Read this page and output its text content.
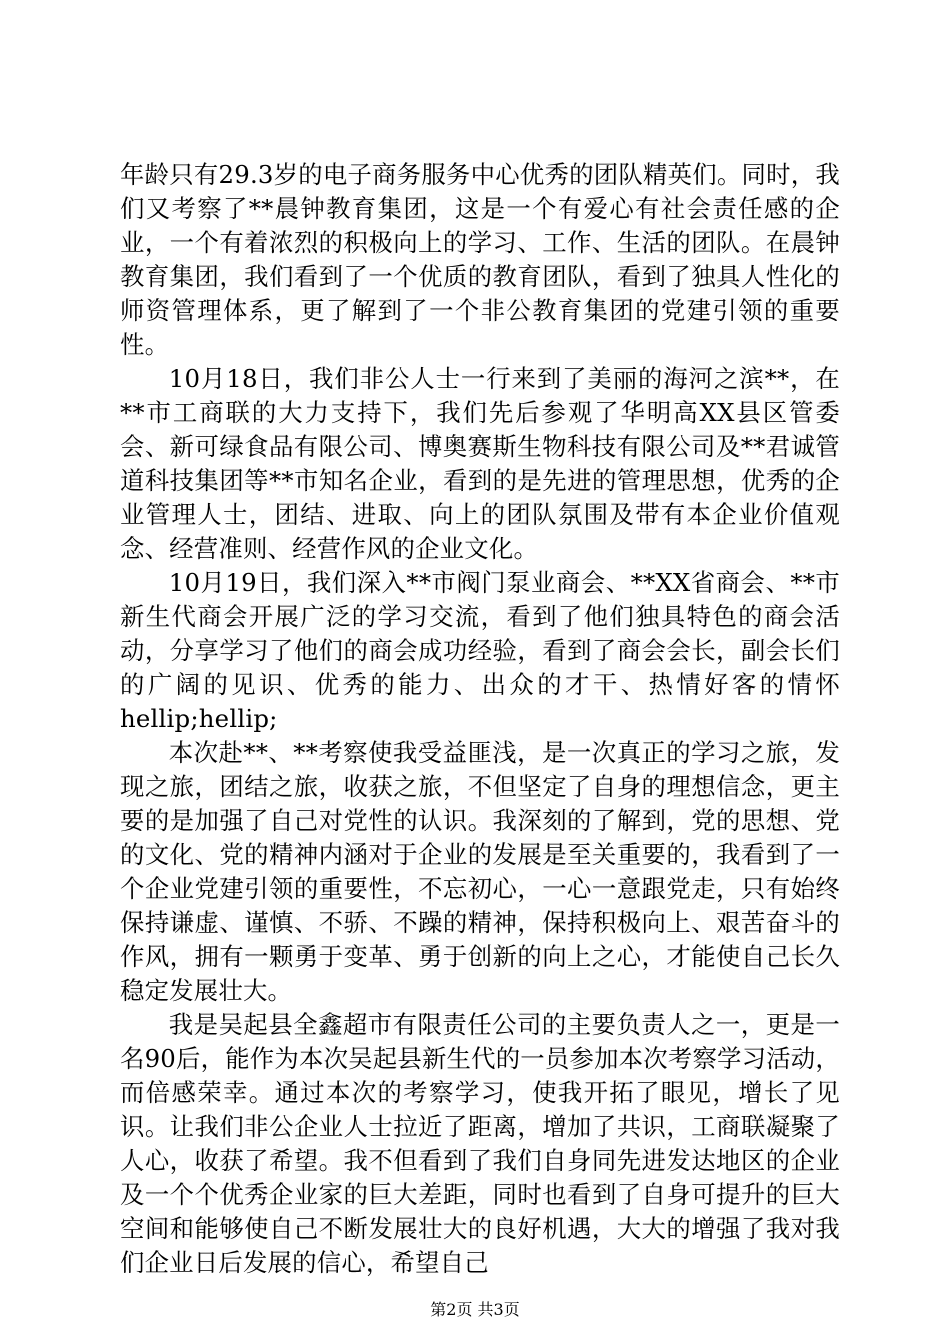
年龄只有29.3岁的电子商务服务中心优秀的团队精英们。同时，我们又考察了**晨钟教育集团，这是一个有爱心有社会责任感的企业，一个有着浓烈的积极向上的学习、工作、生活的团队。在晨钟教育集团，我们看到了一个优质的教育团队，看到了独具人性化的师资管理体系，更了解到了一个非公教育集团的党建引领的重要性。

10月18日，我们非公人士一行来到了美丽的海河之滨**，在**市工商联的大力支持下，我们先后参观了华明高XX县区管委会、新可绿食品有限公司、博奥赛斯生物科技有限公司及**君诚管道科技集团等**市知名企业，看到的是先进的管理思想，优秀的企业管理人士，团结、进取、向上的团队氛围及带有本企业价值观念、经营准则、经营作风的企业文化。

10月19日，我们深入**市阀门泵业商会、**XX省商会、**市新生代商会开展广泛的学习交流，看到了他们独具特色的商会活动，分享学习了他们的商会成功经验，看到了商会会长，副会长们的广阔的见识、优秀的能力、出众的才干、热情好客的情怀hellip;hellip;

本次赴**、**考察使我受益匪浅，是一次真正的学习之旅，发现之旅，团结之旅，收获之旅，不但坚定了自身的理想信念，更主要的是加强了自己对党性的认识。我深刻的了解到，党的思想、党的文化、党的精神内涵对于企业的发展是至关重要的，我看到了一个企业党建引领的重要性，不忘初心，一心一意跟党走，只有始终保持谦虚、谨慎、不骄、不躁的精神，保持积极向上、艰苦奋斗的作风，拥有一颗勇于变革、勇于创新的向上之心，才能使自己长久稳定发展壮大。

我是吴起县全鑫超市有限责任公司的主要负责人之一，更是一名90后，能作为本次吴起县新生代的一员参加本次考察学习活动，而倍感荣幸。通过本次的考察学习，使我开拓了眼见，增长了见识。让我们非公企业人士拉近了距离，增加了共识，工商联凝聚了人心，收获了希望。我不但看到了我们自身同先进发达地区的企业及一个个优秀企业家的巨大差距，同时也看到了自身可提升的巨大空间和能够使自己不断发展壮大的良好机遇，大大的增强了我对我们企业日后发展的信心，希望自己

第2页 共3页
